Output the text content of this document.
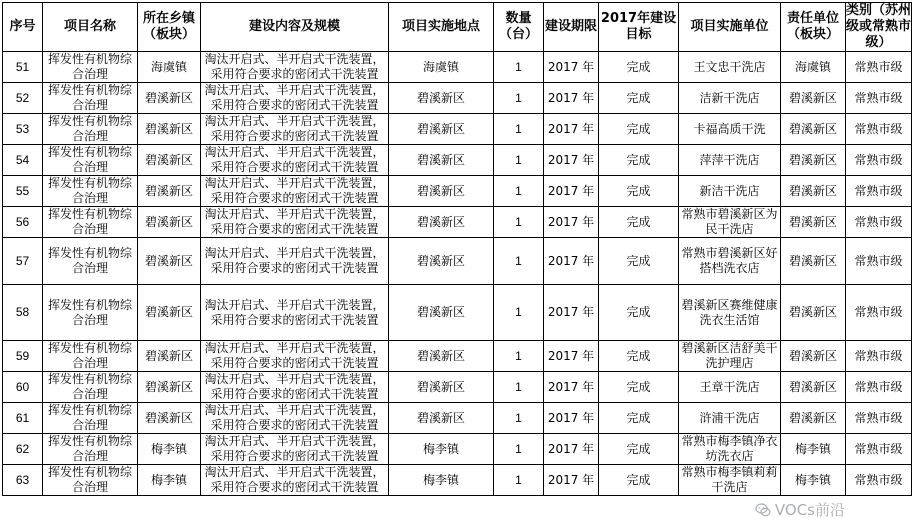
序号	项目名称	所在乡镇（板块）	建设内容及规模	项目实施地点	数量（台）	建设期限	2017年建设目标	项目实施单位	责任单位（板块）	类别（苏州级或常熟市级）
51	挥发性有机物综合治理	海虞镇	淘汰开启式、半开启式干洗装置，采用符合要求的密闭式干洗装置	海虞镇	1	2017 年	完成	王文忠干洗店	海虞镇	常熟市级
52	挥发性有机物综合治理	碧溪新区	淘汰开启式、半开启式干洗装置，采用符合要求的密闭式干洗装置	碧溪新区	1	2017 年	完成	洁新干洗店	碧溪新区	常熟市级
53	挥发性有机物综合治理	碧溪新区	淘汰开启式、半开启式干洗装置，采用符合要求的密闭式干洗装置	碧溪新区	1	2017 年	完成	卡福高质干洗	碧溪新区	常熟市级
54	挥发性有机物综合治理	碧溪新区	淘汰开启式、半开启式干洗装置，采用符合要求的密闭式干洗装置	碧溪新区	1	2017 年	完成	萍萍干洗店	碧溪新区	常熟市级
55	挥发性有机物综合治理	碧溪新区	淘汰开启式、半开启式干洗装置，采用符合要求的密闭式干洗装置	碧溪新区	1	2017 年	完成	新洁干洗店	碧溪新区	常熟市级
56	挥发性有机物综合治理	碧溪新区	淘汰开启式、半开启式干洗装置，采用符合要求的密闭式干洗装置	碧溪新区	1	2017 年	完成	常熟市碧溪新区为民干洗店	碧溪新区	常熟市级
57	挥发性有机物综合治理	碧溪新区	淘汰开启式、半开启式干洗装置，采用符合要求的密闭式干洗装置	碧溪新区	1	2017 年	完成	常熟市碧溪新区好搭档洗衣店	碧溪新区	常熟市级
58	挥发性有机物综合治理	碧溪新区	淘汰开启式、半开启式干洗装置，采用符合要求的密闭式干洗装置	碧溪新区	1	2017 年	完成	碧溪新区赛维健康洗衣生活馆	碧溪新区	常熟市级
59	挥发性有机物综合治理	碧溪新区	淘汰开启式、半开启式干洗装置，采用符合要求的密闭式干洗装置	碧溪新区	1	2017 年	完成	碧溪新区洁舒美干洗护理店	碧溪新区	常熟市级
60	挥发性有机物综合治理	碧溪新区	淘汰开启式、半开启式干洗装置，采用符合要求的密闭式干洗装置	碧溪新区	1	2017 年	完成	王章干洗店	碧溪新区	常熟市级
61	挥发性有机物综合治理	碧溪新区	淘汰开启式、半开启式干洗装置，采用符合要求的密闭式干洗装置	碧溪新区	1	2017 年	完成	浒浦干洗店	碧溪新区	常熟市级
62	挥发性有机物综合治理	梅李镇	淘汰开启式、半开启式干洗装置，采用符合要求的密闭式干洗装置	梅李镇	1	2017 年	完成	常熟市梅李镇净衣坊洗衣店	梅李镇	常熟市级
63	挥发性有机物综合治理	梅李镇	淘汰开启式、半开启式干洗装置，采用符合要求的密闭式干洗装置	梅李镇	1	2017 年	完成	常熟市梅李镇莉莉干洗店	梅李镇	常熟市级
VOCs前沿
